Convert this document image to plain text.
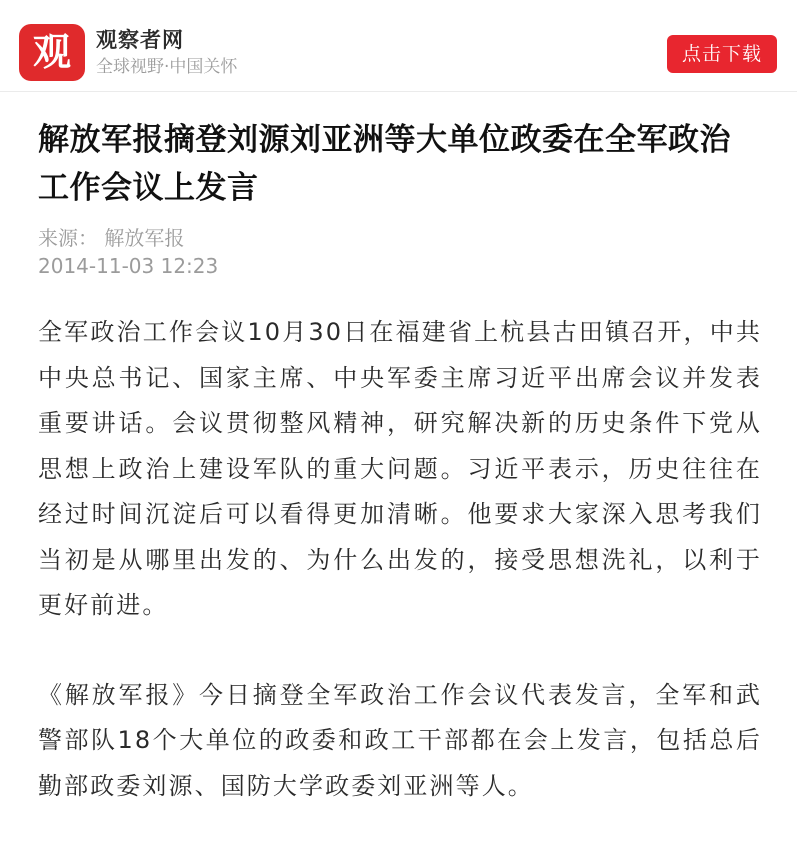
观	观察者网
全球视野·中国关怀
点击下载
解放军报摘登刘源刘亚洲等大单位政委在全军政治工作会议上发言
来源： 解放军报
2014-11-03 12:23

全军政治工作会议10月30日在福建省上杭县古田镇召开，中共中央总书记、国家主席、中央军委主席习近平出席会议并发表重要讲话。会议贯彻整风精神，研究解决新的历史条件下党从思想上政治上建设军队的重大问题。习近平表示，历史往往在经过时间沉淀后可以看得更加清晰。他要求大家深入思考我们当初是从哪里出发的、为什么出发的，接受思想洗礼，以利于更好前进。

《解放军报》今日摘登全军政治工作会议代表发言，全军和武警部队18个大单位的政委和政工干部都在会上发言，包括总后勤部政委刘源、国防大学政委刘亚洲等人。
